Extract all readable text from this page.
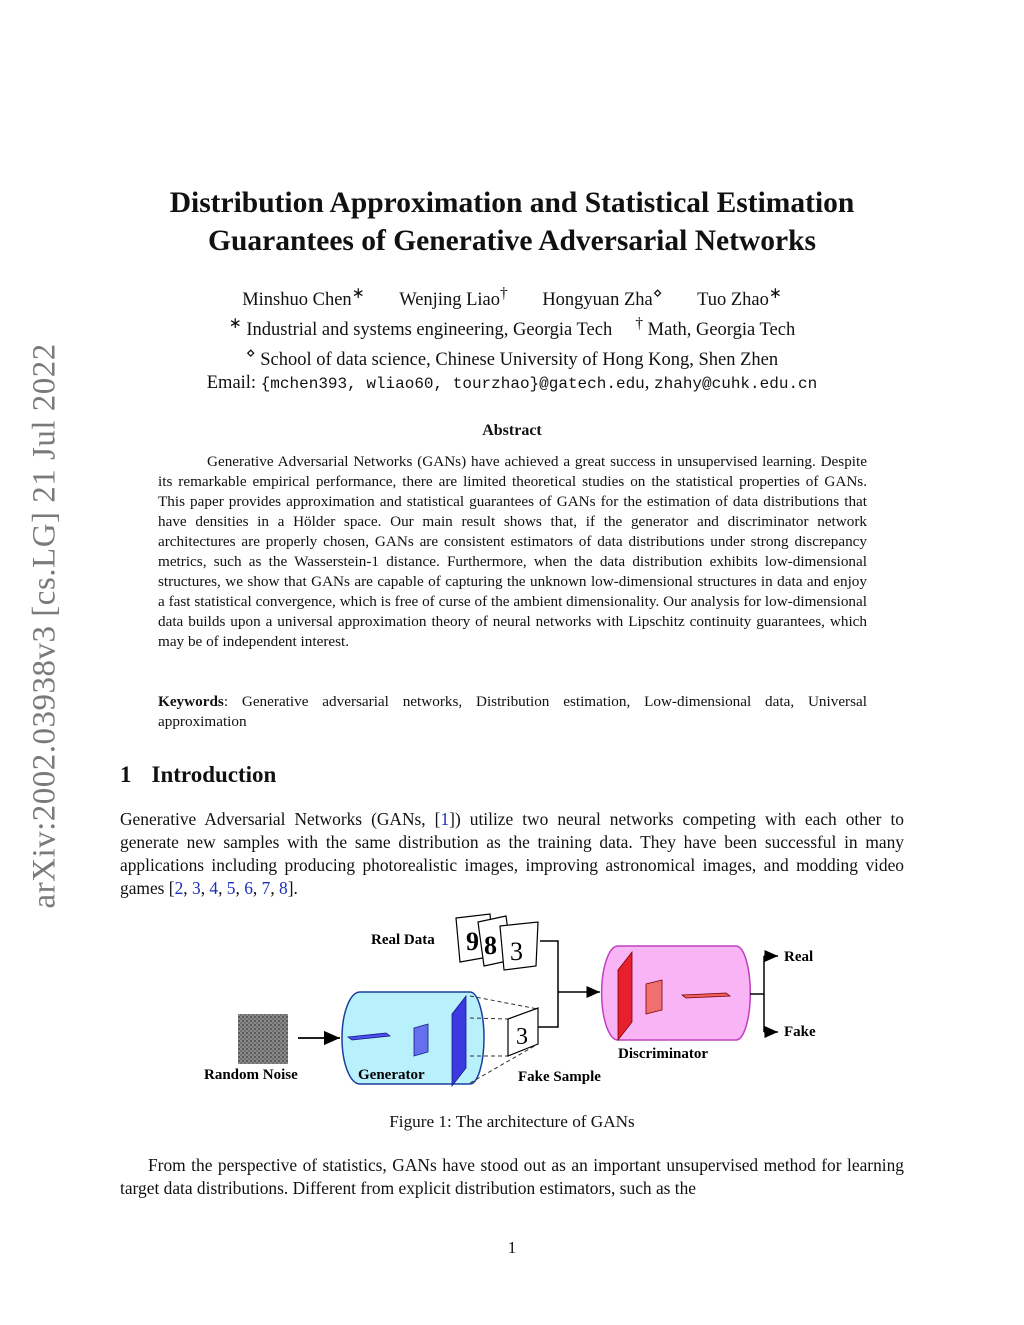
arXiv:2002.03938v3 [cs.LG] 21 Jul 2022
Distribution Approximation and Statistical Estimation
Guarantees of Generative Adversarial Networks
Minshuo Chen∗ Wenjing Liao† Hongyuan Zha⋄ Tuo Zhao∗
∗ Industrial and systems engineering, Georgia Tech † Math, Georgia Tech
⋄ School of data science, Chinese University of Hong Kong, Shen Zhen
Email: {mchen393, wliao60, tourzhao}@gatech.edu, zhahy@cuhk.edu.cn
Abstract

Generative Adversarial Networks (GANs) have achieved a great success in unsupervised learning. Despite its remarkable empirical performance, there are limited theoretical studies on the statistical properties of GANs. This paper provides approximation and statistical guarantees of GANs for the estimation of data distributions that have densities in a Hölder space. Our main result shows that, if the generator and discriminator network architectures are properly chosen, GANs are consistent estimators of data distributions under strong discrepancy metrics, such as the Wasserstein-1 distance. Furthermore, when the data distribution exhibits low-dimensional structures, we show that GANs are capable of capturing the unknown low-dimensional structures in data and enjoy a fast statistical convergence, which is free of curse of the ambient dimensionality. Our analysis for low-dimensional data builds upon a universal approximation theory of neural networks with Lipschitz continuity guarantees, which may be of independent interest.

Keywords: Generative adversarial networks, Distribution estimation, Low-dimensional data, Universal approximation
1 Introduction

Generative Adversarial Networks (GANs, [1]) utilize two neural networks competing with each other to generate new samples with the same distribution as the training data. They have been successful in many applications including producing photorealistic images, improving astronomical images, and modding video games [2, 3, 4, 5, 6, 7, 8].

Random Noise	Generator
3
Fake Sample
Real Data 9 8 3
Discriminator
Real
Fake
Figure 1: The architecture of GANs

From the perspective of statistics, GANs have stood out as an important unsupervised method for learning target data distributions. Different from explicit distribution estimators, such as the

1
